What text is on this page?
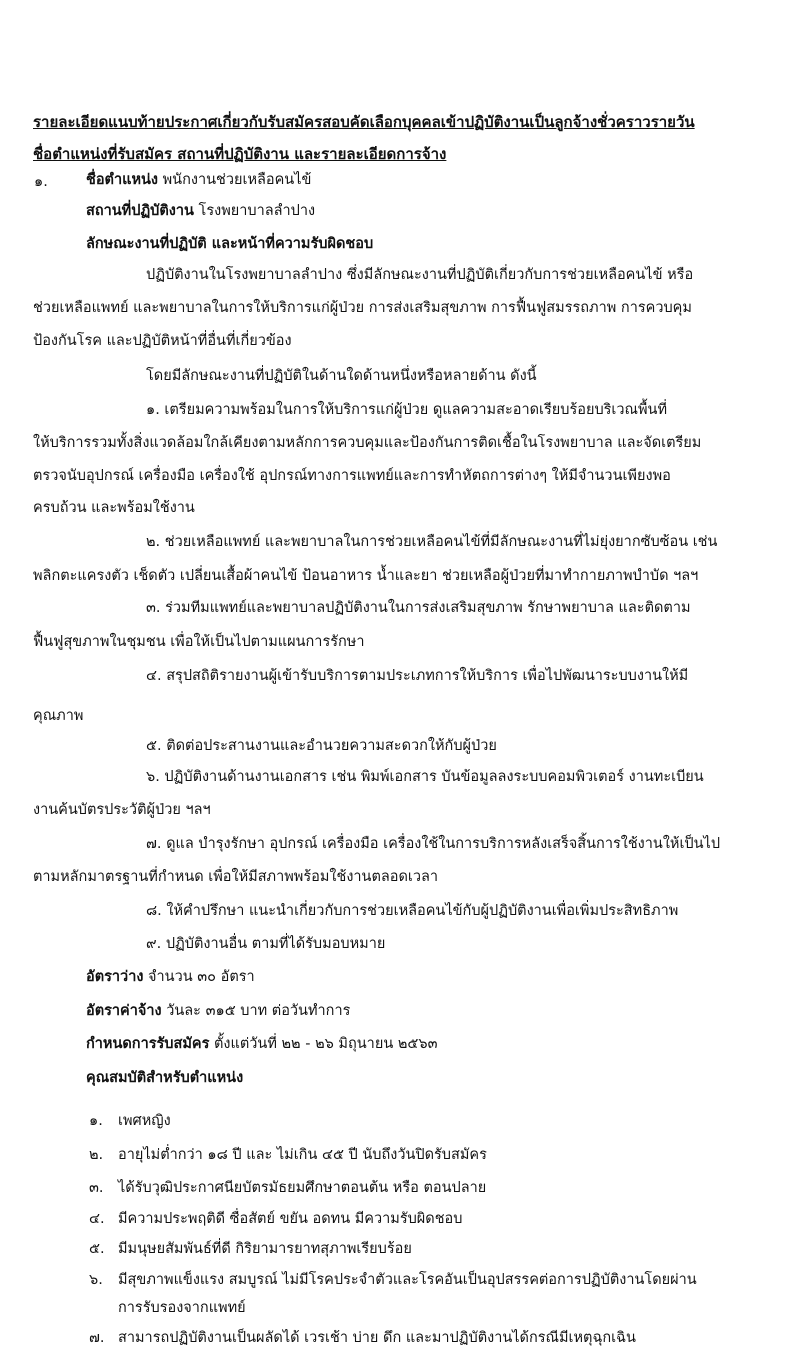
รายละเอียดแนบท้ายประกาศเกี่ยวกับรับสมัครสอบคัดเลือกบุคคลเข้าปฏิบัติงานเป็นลูกจ้างชั่วคราวรายวัน
ชื่อตำแหน่งที่รับสมัคร สถานที่ปฏิบัติงาน และรายละเอียดการจ้าง
๑.	ชื่อตำแหน่ง พนักงานช่วยเหลือคนไข้
สถานที่ปฏิบัติงาน โรงพยาบาลลำปาง
ลักษณะงานที่ปฏิบัติ และหน้าที่ความรับผิดชอบ
ปฏิบัติงานในโรงพยาบาลลำปาง ซึ่งมีลักษณะงานที่ปฏิบัติเกี่ยวกับการช่วยเหลือคนไข้ หรือ
ช่วยเหลือแพทย์ และพยาบาลในการให้บริการแก่ผู้ป่วย การส่งเสริมสุขภาพ การฟื้นฟูสมรรถภาพ การควบคุม
ป้องกันโรค และปฏิบัติหน้าที่อื่นที่เกี่ยวข้อง
โดยมีลักษณะงานที่ปฏิบัติในด้านใดด้านหนึ่งหรือหลายด้าน ดังนี้
๑. เตรียมความพร้อมในการให้บริการแก่ผู้ป่วย ดูแลความสะอาดเรียบร้อยบริเวณพื้นที่
ให้บริการรวมทั้งสิ่งแวดล้อมใกล้เคียงตามหลักการควบคุมและป้องกันการติดเชื้อในโรงพยาบาล และจัดเตรียม
ตรวจนับอุปกรณ์ เครื่องมือ เครื่องใช้ อุปกรณ์ทางการแพทย์และการทำหัตถการต่างๆ ให้มีจำนวนเพียงพอ
ครบถ้วน และพร้อมใช้งาน
๒. ช่วยเหลือแพทย์ และพยาบาลในการช่วยเหลือคนไข้ที่มีลักษณะงานที่ไม่ยุ่งยากซับซ้อน เช่น
พลิกตะแครงตัว เช็ดตัว เปลี่ยนเสื้อผ้าคนไข้ ป้อนอาหาร น้ำและยา ช่วยเหลือผู้ป่วยที่มาทำกายภาพบำบัด ฯลฯ
๓. ร่วมทีมแพทย์และพยาบาลปฏิบัติงานในการส่งเสริมสุขภาพ รักษาพยาบาล และติดตาม
ฟื้นฟูสุขภาพในชุมชน เพื่อให้เป็นไปตามแผนการรักษา
๔. สรุปสถิติรายงานผู้เข้ารับบริการตามประเภทการให้บริการ เพื่อไปพัฒนาระบบงานให้มี
คุณภาพ
๕. ติดต่อประสานงานและอำนวยความสะดวกให้กับผู้ป่วย
๖. ปฏิบัติงานด้านงานเอกสาร เช่น พิมพ์เอกสาร บันข้อมูลลงระบบคอมพิวเตอร์ งานทะเบียน
งานค้นบัตรประวัติผู้ป่วย ฯลฯ
๗. ดูแล บำรุงรักษา อุปกรณ์ เครื่องมือ เครื่องใช้ในการบริการหลังเสร็จสิ้นการใช้งานให้เป็นไป
ตามหลักมาตรฐานที่กำหนด เพื่อให้มีสภาพพร้อมใช้งานตลอดเวลา
๘. ให้คำปรึกษา แนะนำเกี่ยวกับการช่วยเหลือคนไข้กับผู้ปฏิบัติงานเพื่อเพิ่มประสิทธิภาพ
๙. ปฏิบัติงานอื่น ตามที่ได้รับมอบหมาย
อัตราว่าง จำนวน ๓๐ อัตรา
อัตราค่าจ้าง วันละ ๓๑๕ บาท ต่อวันทำการ
กำหนดการรับสมัคร ตั้งแต่วันที่ ๒๒ - ๒๖ มิถุนายน ๒๕๖๓
คุณสมบัติสำหรับตำแหน่ง
๑. เพศหญิง
๒. อายุไม่ต่ำกว่า ๑๘ ปี และ ไม่เกิน ๔๕ ปี นับถึงวันปิดรับสมัคร
๓. ได้รับวุฒิประกาศนียบัตรมัธยมศึกษาตอนต้น หรือ ตอนปลาย
๔. มีความประพฤติดี ซื่อสัตย์ ขยัน อดทน มีความรับผิดชอบ
๕. มีมนุษยสัมพันธ์ที่ดี กิริยามารยาทสุภาพเรียบร้อย
๖. มีสุขภาพแข็งแรง สมบูรณ์ ไม่มีโรคประจำตัวและโรคอันเป็นอุปสรรคต่อการปฏิบัติงานโดยผ่าน
การรับรองจากแพทย์
๗. สามารถปฏิบัติงานเป็นผลัดได้ เวรเช้า บ่าย ดึก และมาปฏิบัติงานได้กรณีมีเหตุฉุกเฉิน
